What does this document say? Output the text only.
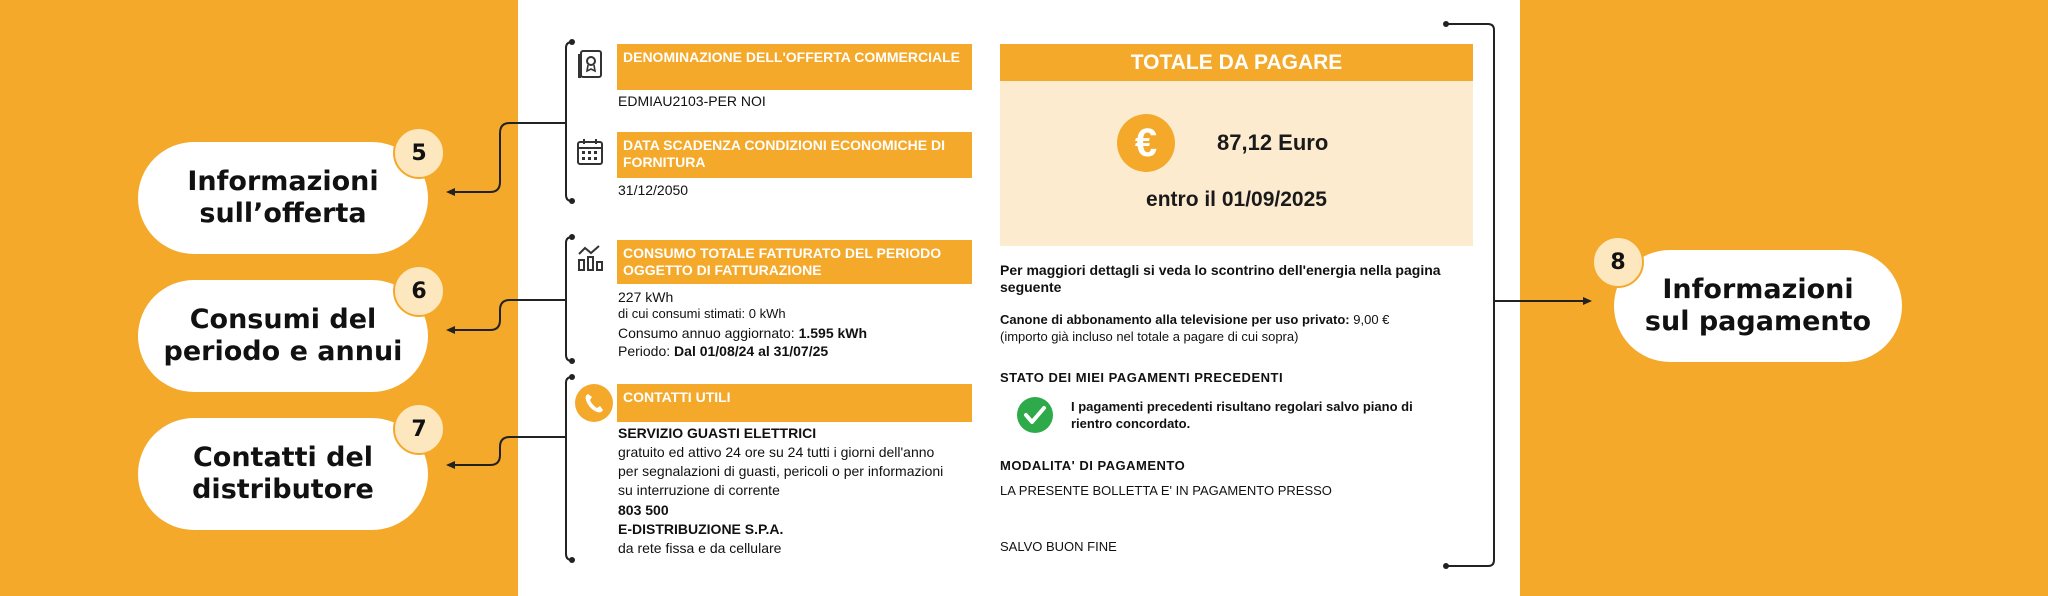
Informazioni
sull’offerta
5
Consumi del
periodo e annui
6
Contatti del
distributore
7
Informazioni
sul pagamento
8
DENOMINAZIONE DELL'OFFERTA COMMERCIALE
EDMIAU2103-PER NOI
DATA SCADENZA CONDIZIONI ECONOMICHE DI FORNITURA
31/12/2050
CONSUMO TOTALE FATTURATO DEL PERIODO OGGETTO DI FATTURAZIONE
227 kWh
di cui consumi stimati: 0 kWh
Consumo annuo aggiornato: 1.595 kWh
Periodo: Dal 01/08/24 al 31/07/25
CONTATTI UTILI
SERVIZIO GUASTI ELETTRICI
gratuito ed attivo 24 ore su 24 tutti i giorni dell'anno
per segnalazioni di guasti, pericoli o per informazioni
su interruzione di corrente
803 500
E-DISTRIBUZIONE S.P.A.
da rete fissa e da cellulare
TOTALE DA PAGARE
€	87,12 Euro
entro il 01/09/2025
Per maggiori dettagli si veda lo scontrino dell'energia nella pagina
seguente
Canone di abbonamento alla televisione per uso privato: 9,00 €
(importo già incluso nel totale a pagare di cui sopra)
STATO DEI MIEI PAGAMENTI PRECEDENTI
I pagamenti precedenti risultano regolari salvo piano di
rientro concordato.
MODALITA' DI PAGAMENTO
LA PRESENTE BOLLETTA E' IN PAGAMENTO PRESSO
SALVO BUON FINE
